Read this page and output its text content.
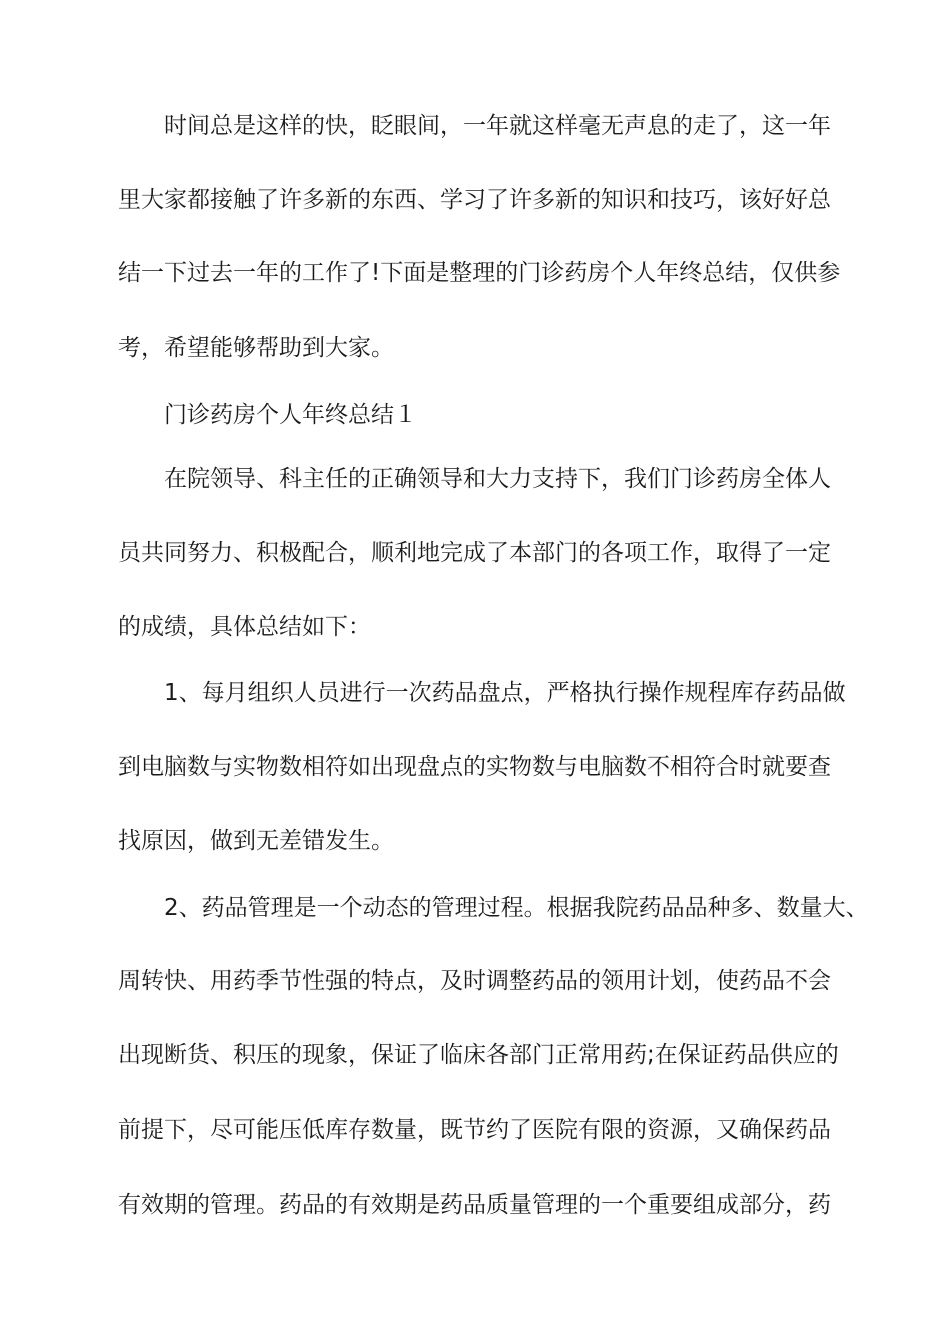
时间总是这样的快，眨眼间，一年就这样毫无声息的走了，这一年
里大家都接触了许多新的东西、学习了许多新的知识和技巧，该好好总
结一下过去一年的工作了!下面是整理的门诊药房个人年终总结，仅供参
考，希望能够帮助到大家。
门诊药房个人年终总结１
在院领导、科主任的正确领导和大力支持下，我们门诊药房全体人
员共同努力、积极配合，顺利地完成了本部门的各项工作，取得了一定
的成绩，具体总结如下：
1、每月组织人员进行一次药品盘点，严格执行操作规程库存药品做
到电脑数与实物数相符如出现盘点的实物数与电脑数不相符合时就要查
找原因，做到无差错发生。
2、药品管理是一个动态的管理过程。根据我院药品品种多、数量大、
周转快、用药季节性强的特点，及时调整药品的领用计划，使药品不会
出现断货、积压的现象，保证了临床各部门正常用药;在保证药品供应的
前提下，尽可能压低库存数量，既节约了医院有限的资源，又确保药品
有效期的管理。药品的有效期是药品质量管理的一个重要组成部分，药
